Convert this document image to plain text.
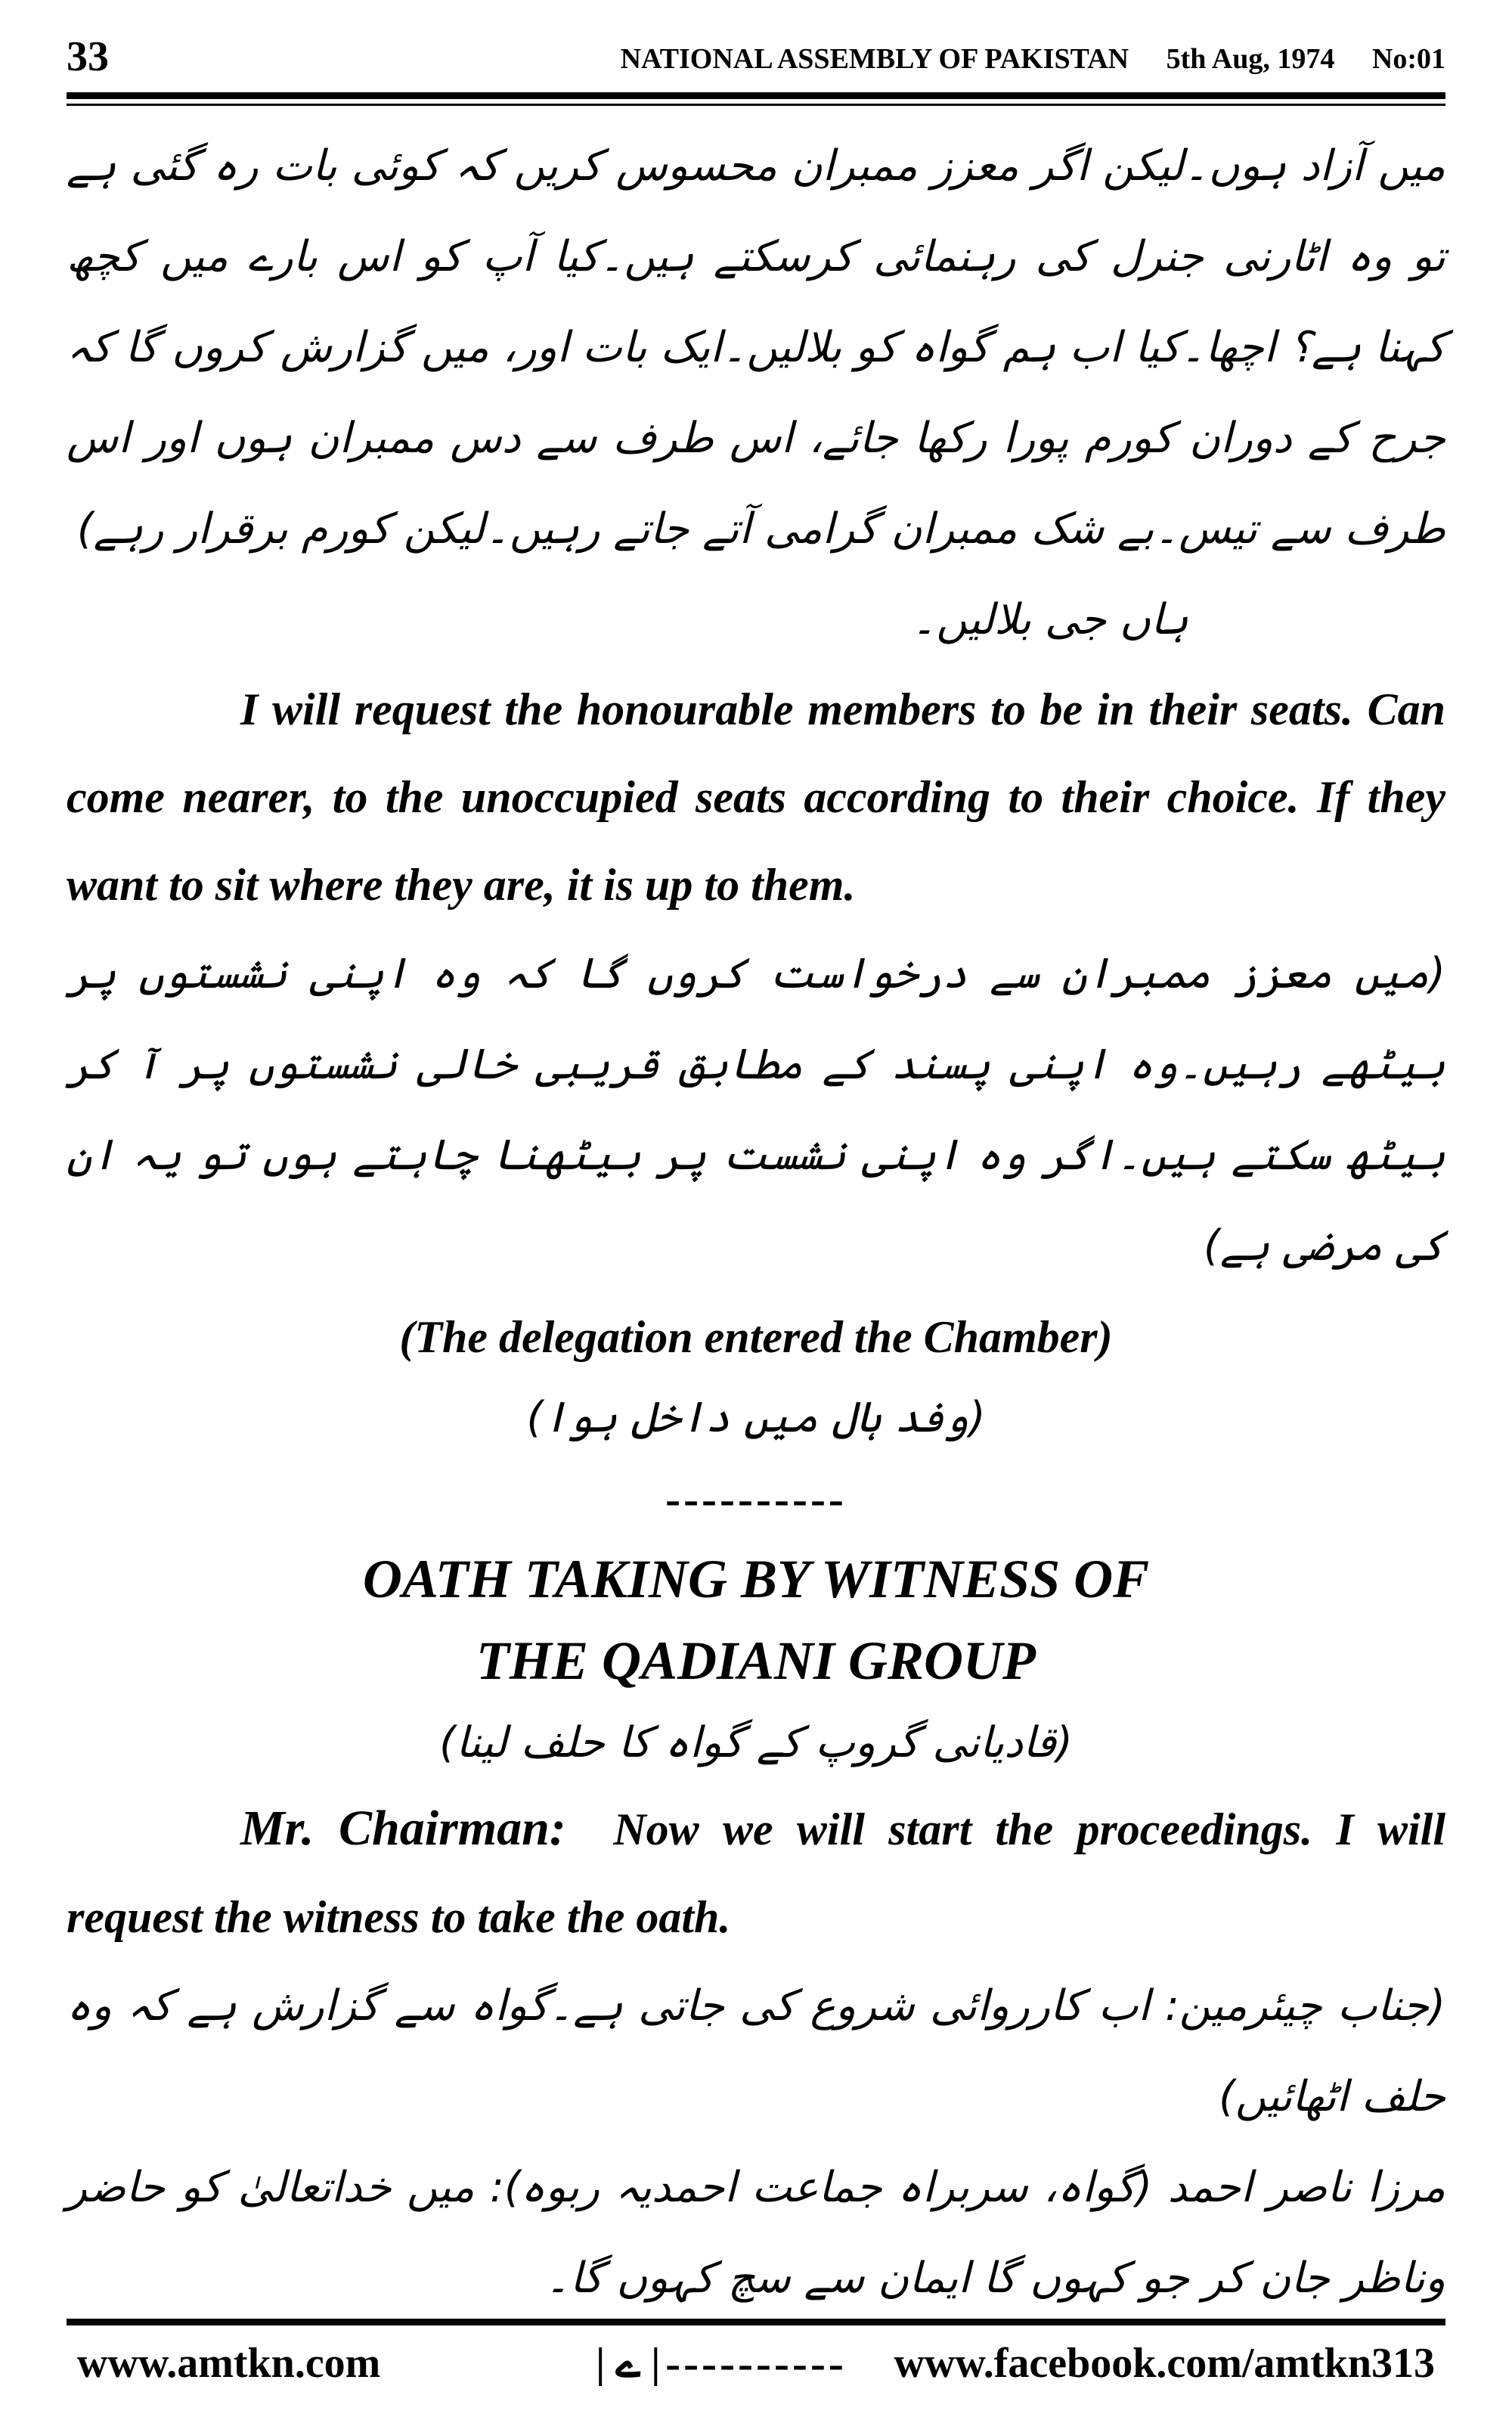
33	NATIONAL ASSEMBLY OF PAKISTAN 5th Aug, 1974 No:01

میں آزاد ہوں۔لیکن اگر معزز ممبران محسوس کریں کہ کوئی بات رہ گئی ہے تو وہ اٹارنی جنرل کی رہنمائی کرسکتے ہیں۔کیا آپ کو اس بارے میں کچھ کہنا ہے؟ اچھا۔کیا اب ہم گواہ کو بلالیں۔ایک بات اور، میں گزارش کروں گا کہ جرح کے دوران کورم پورا رکھا جائے، اس طرف سے دس ممبران ہوں اور اس طرف سے تیس۔بے شک ممبران گرامی آتے جاتے رہیں۔لیکن کورم برقرار رہے)

ہاں جی بلالیں۔

I will request the honourable members to be in their seats. Can come nearer, to the unoccupied seats according to their choice. If they want to sit where they are, it is up to them.

(میں معزز ممبران سے درخواست کروں گا کہ وہ اپنی نشستوں پر بیٹھے رہیں۔وہ اپنی پسند کے مطابق قریبی خالی نشستوں پر آ کر بیٹھ سکتے ہیں۔اگر وہ اپنی نشست پر بیٹھنا چاہتے ہوں تو یہ ان کی مرضی ہے)

(The delegation entered the Chamber)

(وفد ہال میں داخل ہوا)

----------

OATH TAKING BY WITNESS OF

THE QADIANI GROUP

(قادیانی گروپ کے گواہ کا حلف لینا)

Mr. Chairman: Now we will start the proceedings. I will request the witness to take the oath.

(جناب چیئرمین: اب کارروائی شروع کی جاتی ہے۔گواہ سے گزارش ہے کہ وہ حلف اٹھائیں)

مرزا ناصر احمد (گواہ، سربراہ جماعت احمدیہ ربوہ): میں خداتعالیٰ کو حاضر وناظر جان کر جو کہوں گا ایمان سے سچ کہوں گا۔

----------
www.amtkn.com	| ے |	www.facebook.com/amtkn313
